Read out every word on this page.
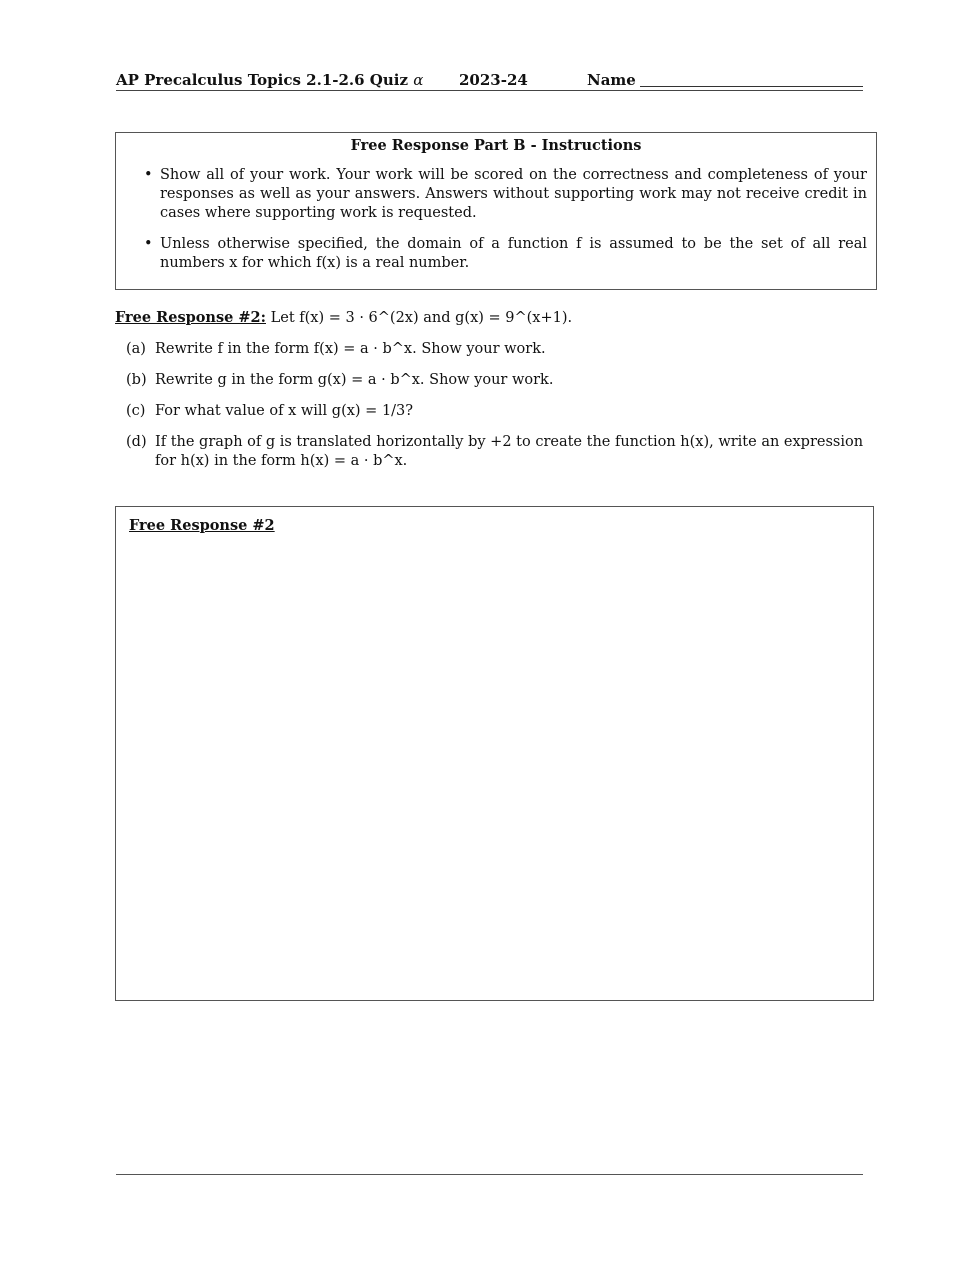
AP Precalculus Topics 2.1-2.6 Quiz α 2023-24	Name
Free Response Part B - Instructions
• Show all of your work. Your work will be scored on the correctness and completeness of your responses as well as your answers. Answers without supporting work may not receive credit in cases where supporting work is requested.
• Unless otherwise specified, the domain of a function f is assumed to be the set of all real numbers x for which f(x) is a real number.
Free Response #2: Let f(x) = 3 · 6^(2x) and g(x) = 9^(x+1).
(a) Rewrite f in the form f(x) = a · b^x. Show your work.
(b) Rewrite g in the form g(x) = a · b^x. Show your work.
(c) For what value of x will g(x) = 1/3?
(d) If the graph of g is translated horizontally by +2 to create the function h(x), write an expression for h(x) in the form h(x) = a · b^x.
Free Response #2
